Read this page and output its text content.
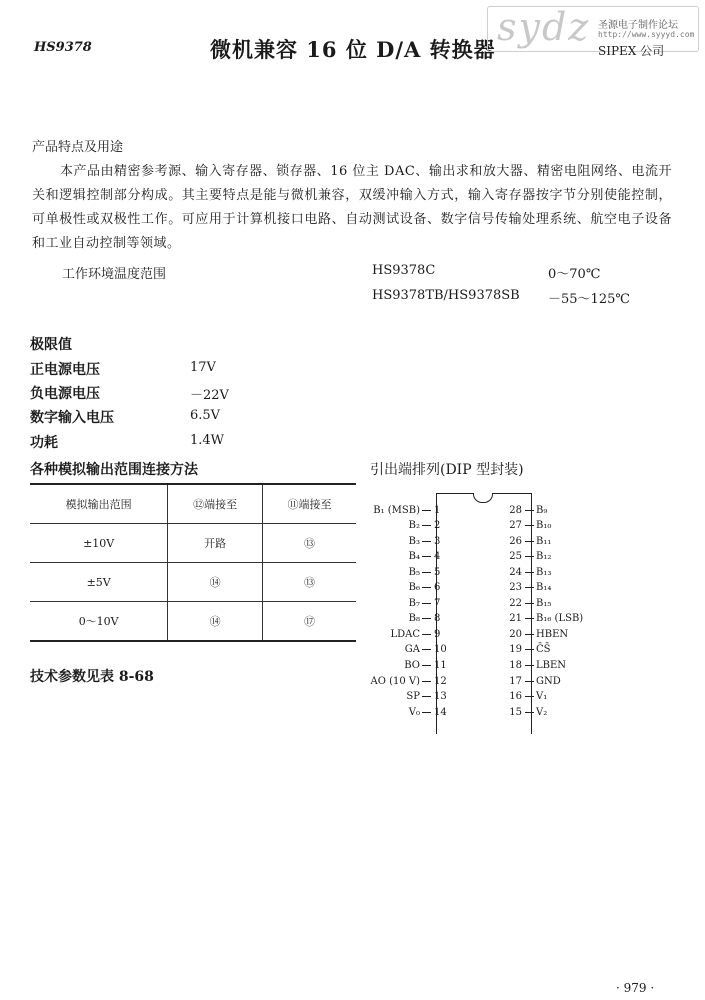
HS9378	微机兼容 16 位 D/A 转换器
sydz 圣源电子制作论坛
http://www.syyyd.com
SIPEX 公司
产品特点及用途
本产品由精密参考源、输入寄存器、锁存器、16 位主 DAC、输出求和放大器、精密电阻网络、电流开关和逻辑控制部分构成。其主要特点是能与微机兼容，双缓冲输入方式，输入寄存器按字节分别使能控制，可单极性或双极性工作。可应用于计算机接口电路、自动测试设备、数字信号传输处理系统、航空电子设备和工业自动控制等领域。
工作环境温度范围	HS9378C	0～70℃
HS9378TB/HS9378SB －55～125℃
极限值
正电源电压	17V
负电源电压	－22V
数字输入电压	6.5V
功耗	1.4W
各种模拟输出范围连接方法
模拟输出范围	⑫端接至	⑪端接至
±10V	开路	⑬
±5V	⑭	⑬
0～10V	⑭	⑰
技术参数见表 8-68
引出端排列(DIP 型封装)
B₁ (MSB) 1
B₂ 2
B₃ 3
B₄ 4
B₅ 5
B₆ 6
B₇ 7
B₈ 8
LDAC 9
GA 10
BO 11
AO (10 V) 12
SP 13
V₀ 14
28 B₉
27 B₁₀
26 B₁₁
25 B₁₂
24 B₁₃
23 B₁₄
22 B₁₅
21 B₁₆ (LSB)
20 HBEN
19 C̄S̄
18 LBEN
17 GND
16 V₁
15 V₂
· 979 ·
